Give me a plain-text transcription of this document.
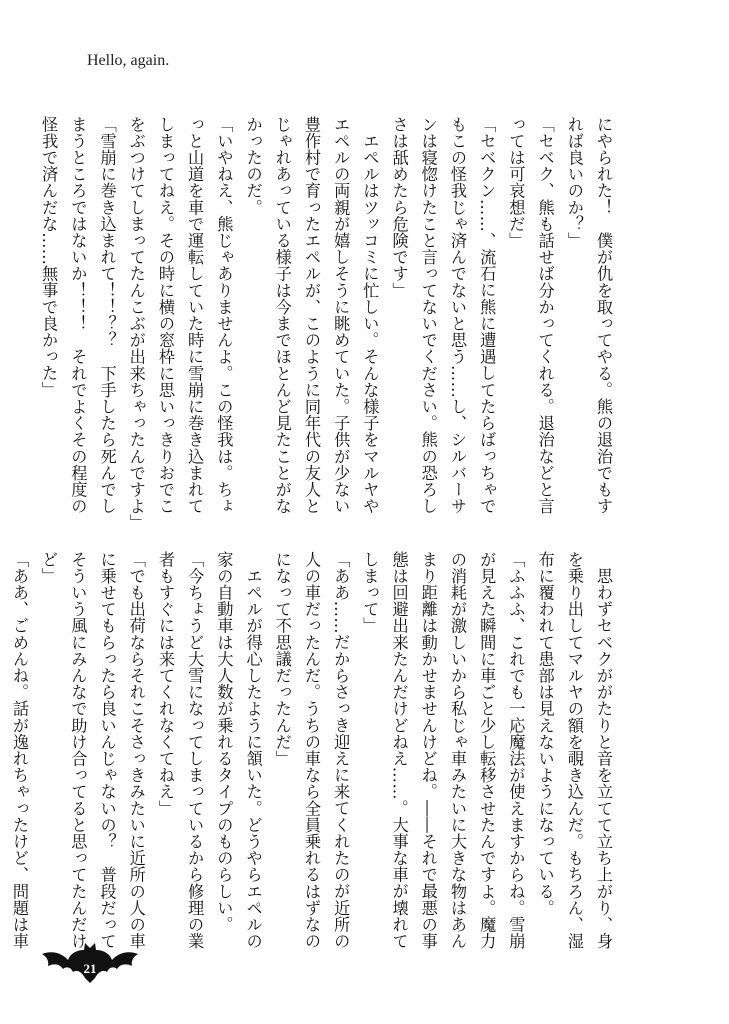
Hello, again.

にやられた！　僕が仇を取ってやる。熊の退治でもすれば良いのか？」

「セベク、熊も話せば分かってくれる。退治などと言っては可哀想だ」

「セベクン……、流石に熊に遭遇してたらばっちゃでもこの怪我じゃ済んでないと思う……し、シルバーサンは寝惚けたこと言ってないでください。熊の恐ろしさは舐めたら危険です」

　エペルはツッコミに忙しい。そんな様子をマルヤやエペルの両親が嬉しそうに眺めていた。子供が少ない豊作村で育ったエペルが、このように同年代の友人とじゃれあっている様子は今までほとんど見たことがなかったのだ。

「いやねえ、熊じゃありませんよ。この怪我は。ちょっと山道を車で運転していた時に雪崩に巻き込まれてしまってねえ。その時に横の窓枠に思いっきりおでこをぶつけてしまってたんこぶが出来ちゃったんですよ」

「雪崩に巻き込まれて！！？？　下手したら死んでしまうところではないか！！！　それでよくその程度の怪我で済んだな……無事で良かった」

　思わずセベクががたりと音を立てて立ち上がり、身を乗り出してマルヤの額を覗き込んだ。もちろん、湿布に覆われて患部は見えないようになっている。

「ふふふ、これでも一応魔法が使えますからね。雪崩が見えた瞬間に車ごと少し転移させたんですよ。魔力の消耗が激しいから私じゃ車みたいに大きな物はあんまり距離は動かせませんけどね。――それで最悪の事態は回避出来たんだけどねえ……。大事な車が壊れてしまって」

「ああ……だからさっき迎えに来てくれたのが近所の人の車だったんだ。うちの車なら全員乗れるはずなのになって不思議だったんだ」

　エペルが得心したように頷いた。どうやらエペルの家の自動車は大人数が乗れるタイプのものらしい。

「今ちょうど大雪になってしまっているから修理の業者もすぐには来てくれなくてねえ」

「でも出荷ならそれこそさっきみたいに近所の人の車に乗せてもらったら良いんじゃないの？　普段だってそういう風にみんなで助け合ってると思ってたんだけど」

「ああ、ごめんね。話が逸れちゃったけど、問題は車

21
